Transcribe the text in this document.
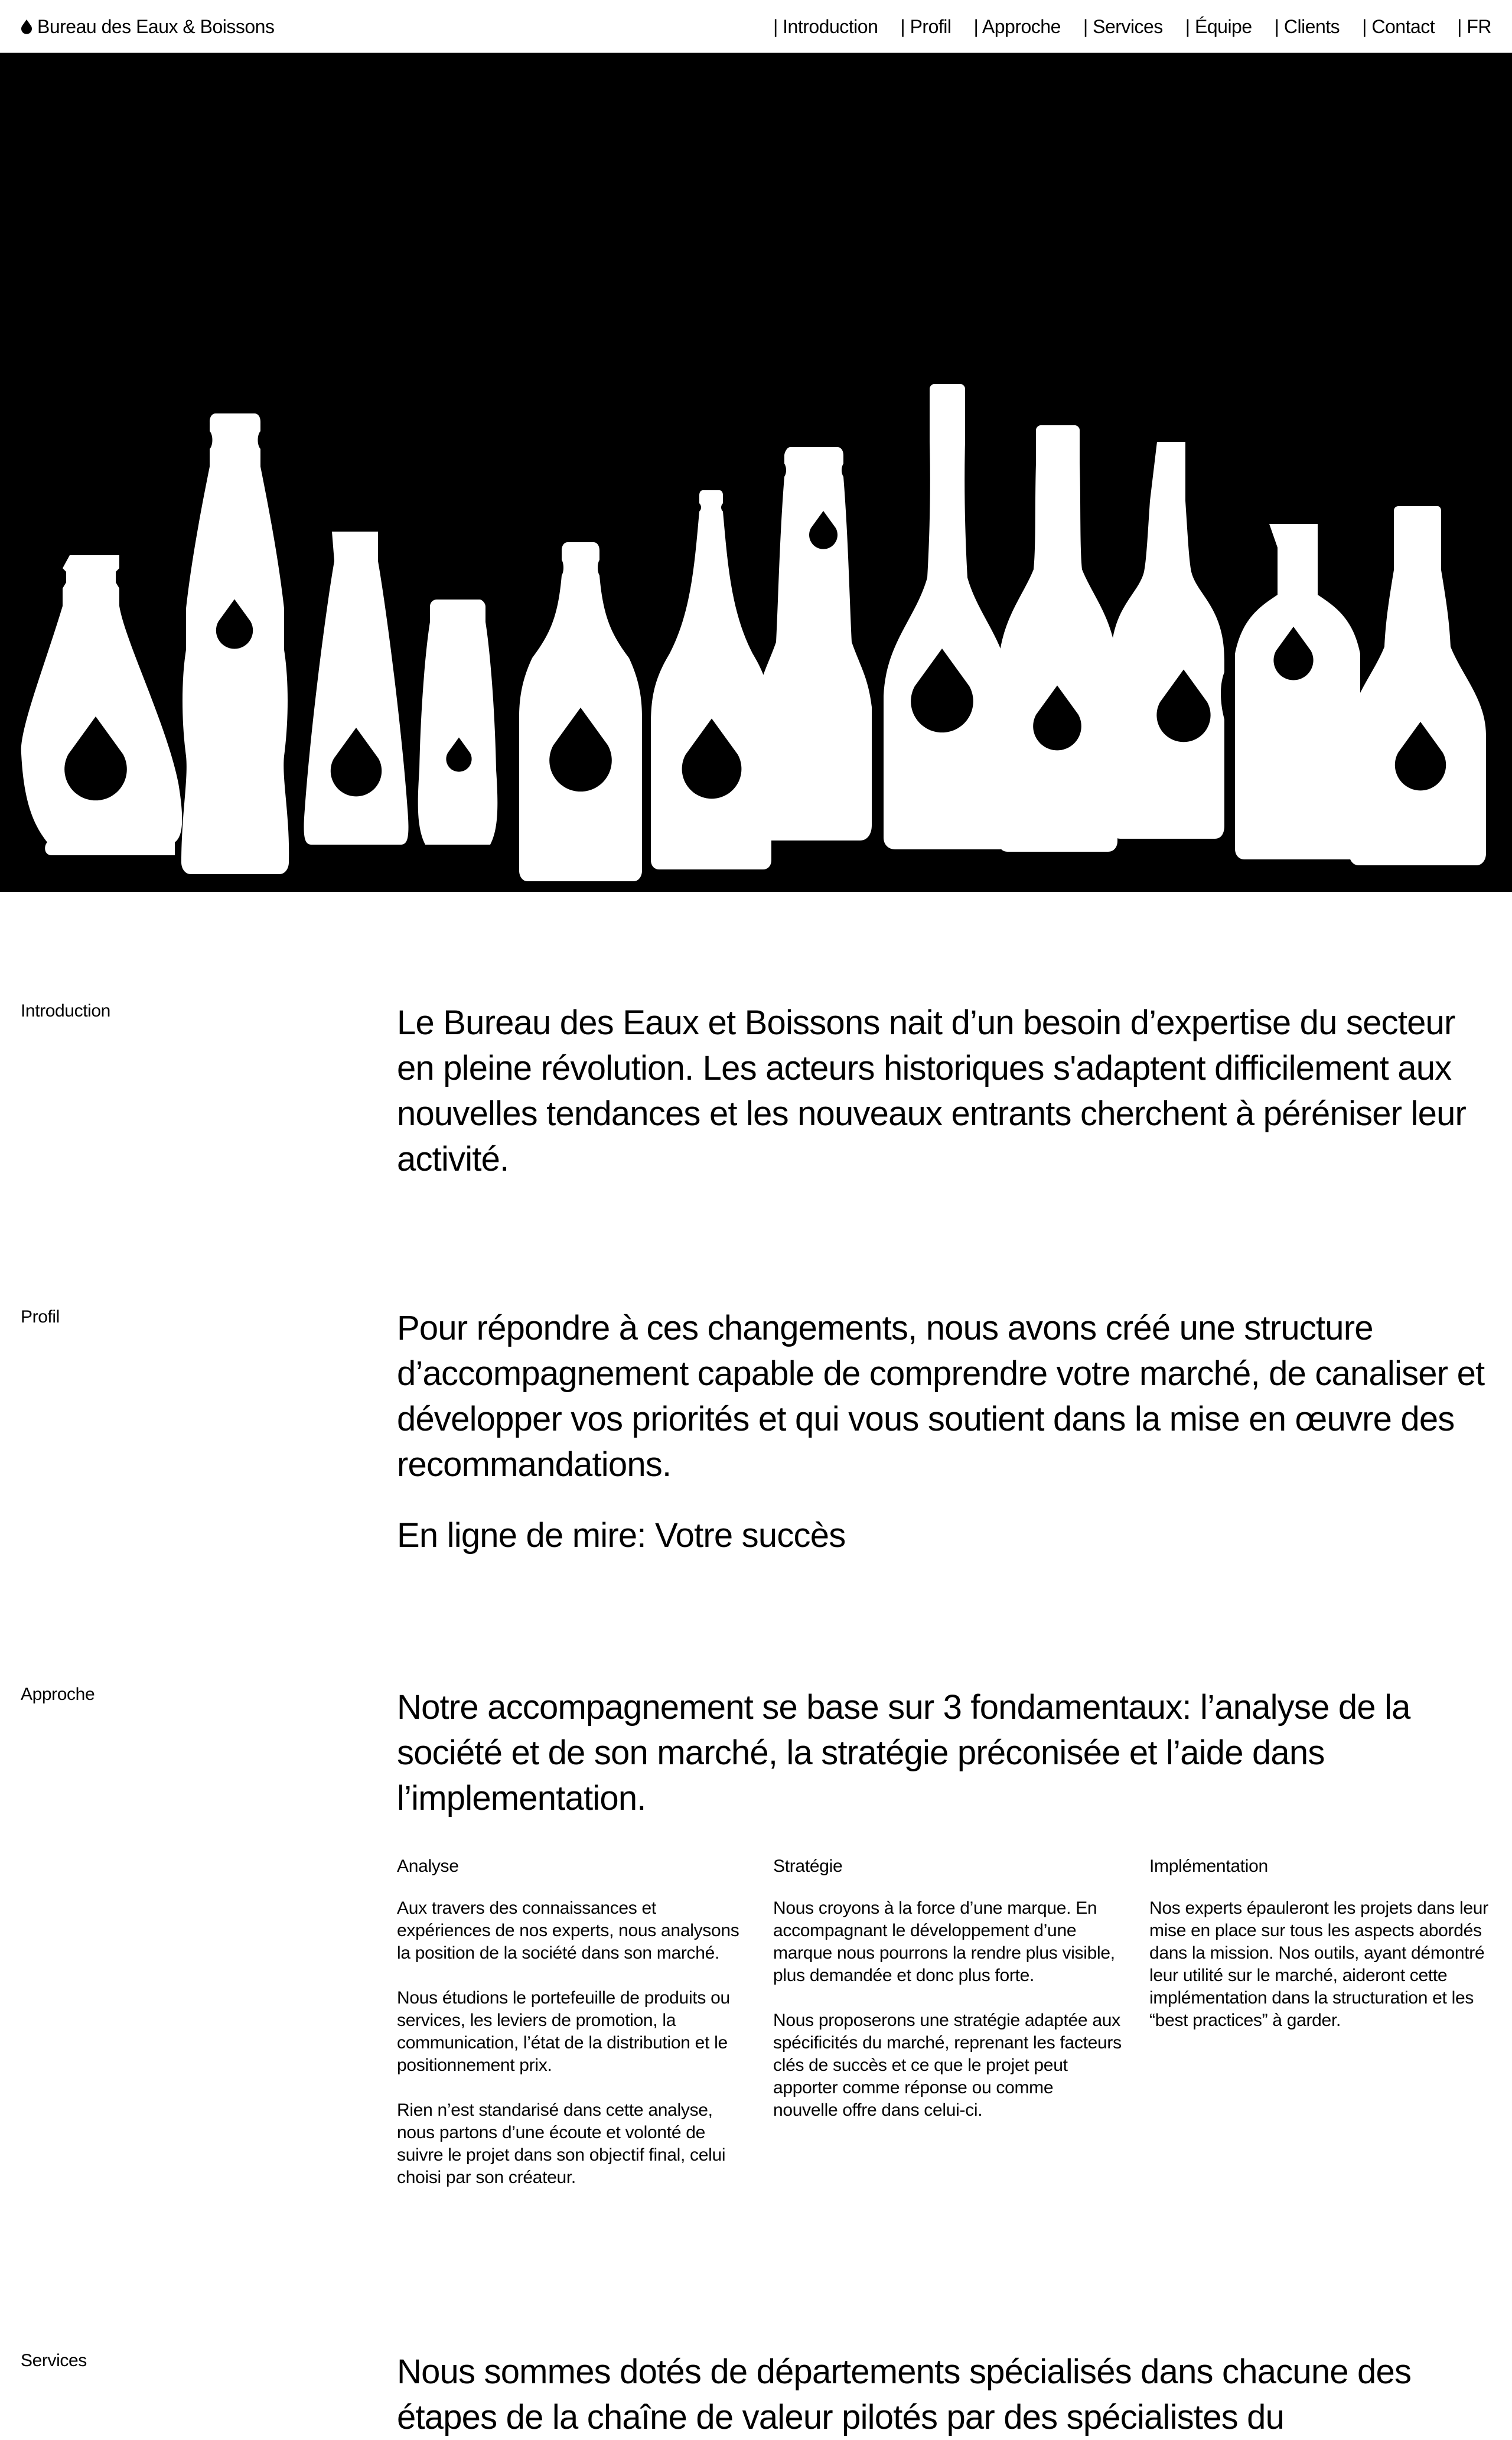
Bureau des Eaux & Boissons	| Introduction | Profil | Approche | Services | Équipe | Clients | Contact | FR
Introduction	Le Bureau des Eaux et Boissons nait d’un besoin d’expertise du secteur en pleine révolution. Les acteurs historiques s'adaptent difficilement aux nouvelles tendances et les nouveaux entrants cherchent à péréniser leur activité.

Profil	Pour répondre à ces changements, nous avons créé une structure d’accompagnement capable de comprendre votre marché, de canaliser et développer vos priorités et qui vous soutient dans la mise en œuvre des recommandations.

En ligne de mire: Votre succès

Approche	Notre accompagnement se base sur 3 fondamentaux: l’analyse de la société et de son marché, la stratégie préconisée et l’aide dans l’implementation.

Analyse

Aux travers des connaissances et expériences de nos experts, nous analysons la position de la société dans son marché.

Nous étudions le portefeuille de produits ou services, les leviers de promotion, la communication, l’état de la distribution et le positionnement prix.

Rien n’est standarisé dans cette analyse, nous partons d’une écoute et volonté de suivre le projet dans son objectif final, celui choisi par son créateur.

Stratégie

Nous croyons à la force d’une marque. En accompagnant le développement d’une marque nous pourrons la rendre plus visible, plus demandée et donc plus forte.

Nous proposerons une stratégie adaptée aux spécificités du marché, reprenant les facteurs clés de succès et ce que le projet peut apporter comme réponse ou comme nouvelle offre dans celui-ci.

Implémentation

Nos experts épauleront les projets dans leur mise en place sur tous les aspects abordés dans la mission. Nos outils, ayant démontré leur utilité sur le marché, aideront cette implémentation dans la structuration et les “best practices” à garder.

Services	Nous sommes dotés de départements spécialisés dans chacune des étapes de la chaîne de valeur pilotés par des spécialistes du
